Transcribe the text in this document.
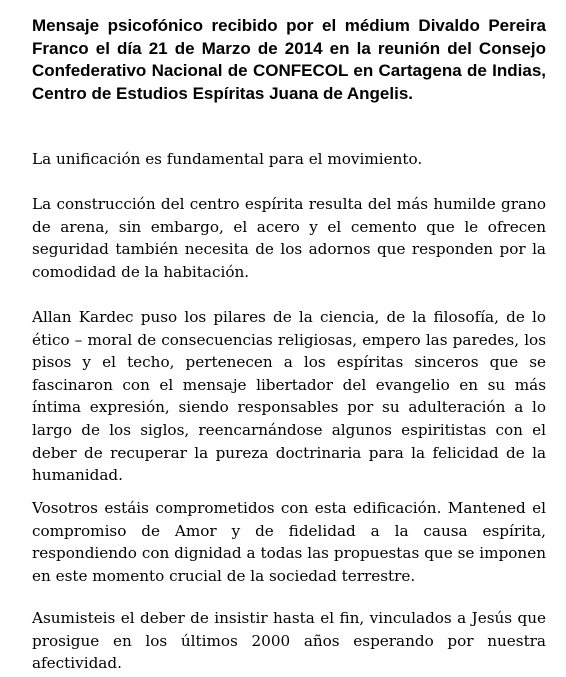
Mensaje psicofónico recibido por el médium Divaldo Pereira Franco el día 21 de Marzo de 2014 en la reunión del Consejo Confederativo Nacional de CONFECOL en Cartagena de Indias, Centro de Estudios Espíritas Juana de Angelis.

La unificación es fundamental para el movimiento.

La construcción del centro espírita resulta del más humilde grano de arena, sin embargo, el acero y el cemento que le ofrecen seguridad también necesita de los adornos que responden por la comodidad de la habitación.

Allan Kardec puso los pilares de la ciencia, de la filosofía, de lo ético – moral de consecuencias religiosas, empero las paredes, los pisos y el techo, pertenecen a los espíritas sinceros que se fascinaron con el mensaje libertador del evangelio en su más íntima expresión, siendo responsables por su adulteración a lo largo de los siglos, reencarnándose algunos espiritistas con el deber de recuperar la pureza doctrinaria para la felicidad de la humanidad.

Vosotros estáis comprometidos con esta edificación. Mantened el compromiso de Amor y de fidelidad a la causa espírita, respondiendo con dignidad a todas las propuestas que se imponen en este momento crucial de la sociedad terrestre.

Asumisteis el deber de insistir hasta el fin, vinculados a Jesús que prosigue en los últimos 2000 años esperando por nuestra afectividad.
